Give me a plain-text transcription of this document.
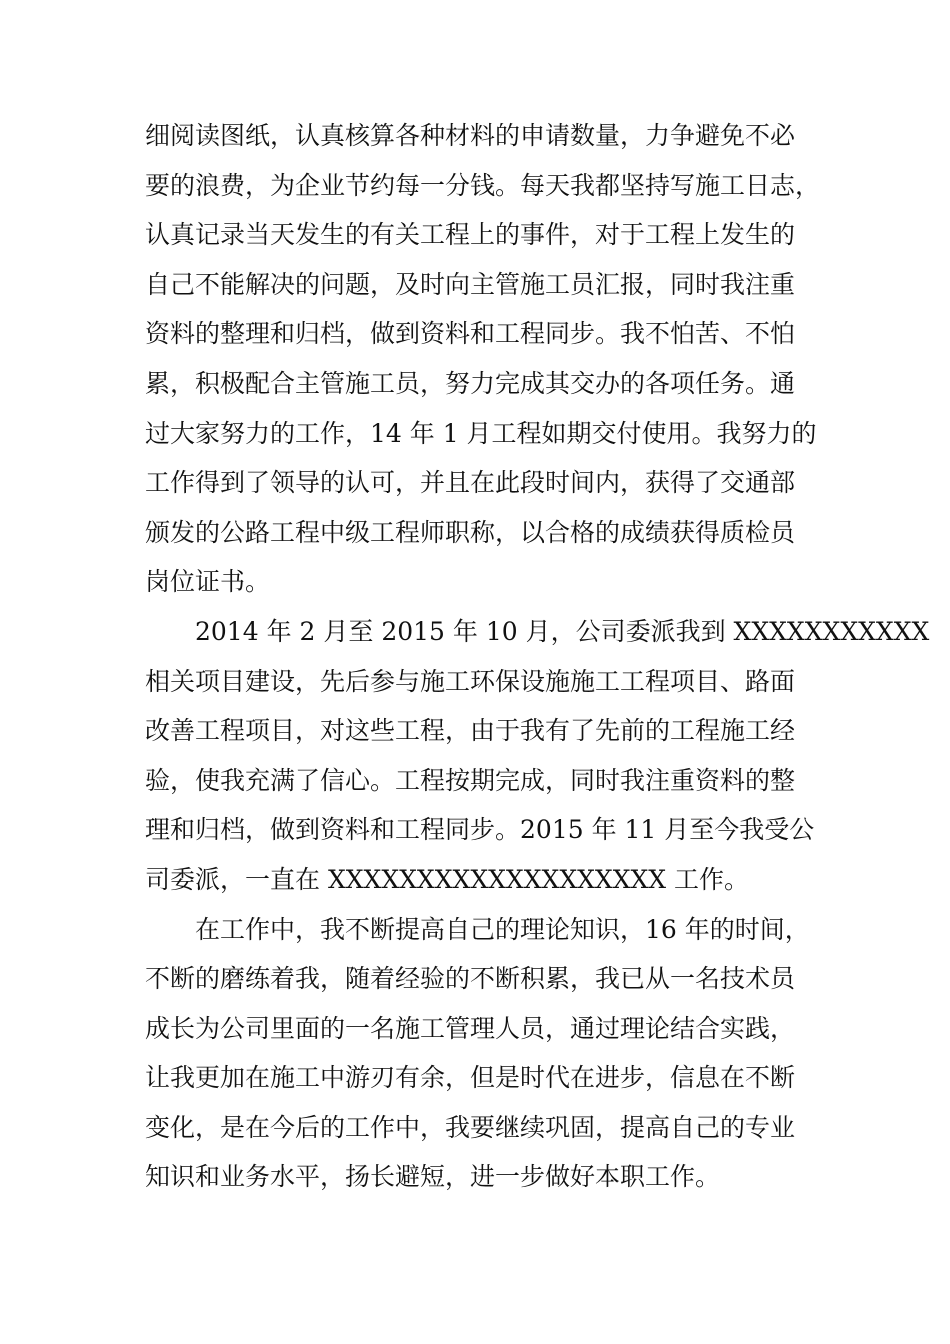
细阅读图纸，认真核算各种材料的申请数量，力争避免不必
要的浪费，为企业节约每一分钱。每天我都坚持写施工日志，
认真记录当天发生的有关工程上的事件，对于工程上发生的
自己不能解决的问题，及时向主管施工员汇报，同时我注重
资料的整理和归档，做到资料和工程同步。我不怕苦、不怕
累，积极配合主管施工员，努力完成其交办的各项任务。通
过大家努力的工作，14 年 1 月工程如期交付使用。我努力的
工作得到了领导的认可，并且在此段时间内，获得了交通部
颁发的公路工程中级工程师职称，以合格的成绩获得质检员
岗位证书。
2014 年 2 月至 2015 年 10 月，公司委派我到 XXXXXXXXXXX
相关项目建设，先后参与施工环保设施施工工程项目、路面
改善工程项目，对这些工程，由于我有了先前的工程施工经
验，使我充满了信心。工程按期完成，同时我注重资料的整
理和归档，做到资料和工程同步。2015 年 11 月至今我受公
司委派，一直在 XXXXXXXXXXXXXXXXXXX 工作。
在工作中，我不断提高自己的理论知识，16 年的时间，
不断的磨练着我，随着经验的不断积累，我已从一名技术员
成长为公司里面的一名施工管理人员，通过理论结合实践，
让我更加在施工中游刃有余，但是时代在进步，信息在不断
变化，是在今后的工作中，我要继续巩固，提高自己的专业
知识和业务水平，扬长避短，进一步做好本职工作。
